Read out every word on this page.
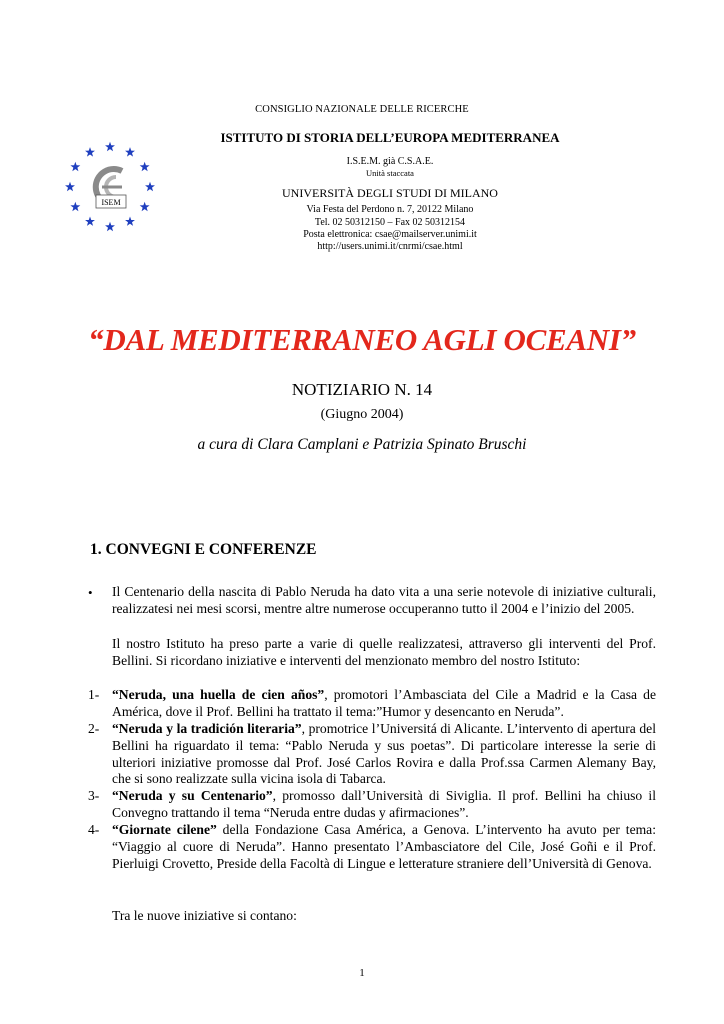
CONSIGLIO NAZIONALE DELLE RICERCHE
ISEM
ISTITUTO DI STORIA DELL’EUROPA MEDITERRANEA
I.S.E.M. già C.S.A.E.
Unità staccata
UNIVERSITÀ DEGLI STUDI DI MILANO
Via Festa del Perdono n. 7, 20122 Milano
Tel. 02 50312150 – Fax 02 50312154
Posta elettronica: csae@mailserver.unimi.it
http://users.unimi.it/cnrmi/csae.html
“DAL MEDITERRANEO AGLI OCEANI”
NOTIZIARIO N. 14
(Giugno 2004)
a cura di Clara Camplani e Patrizia Spinato Bruschi
1. CONVEGNI E CONFERENZE
• Il Centenario della nascita di Pablo Neruda ha dato vita a una serie notevole di iniziative culturali, realizzatesi nei mesi scorsi, mentre altre numerose occuperanno tutto il 2004 e l’inizio del 2005.
Il nostro Istituto ha preso parte a varie di quelle realizzatesi, attraverso gli interventi del Prof. Bellini. Si ricordano iniziative e interventi del menzionato membro del nostro Istituto:
1- “Neruda, una huella de cien años”, promotori l’Ambasciata del Cile a Madrid e la Casa de América, dove il Prof. Bellini ha trattato il tema:”Humor y desencanto en Neruda”.
2- “Neruda y la tradición literaria”, promotrice l’Universitá di Alicante. L’intervento di apertura del Bellini ha riguardato il tema: “Pablo Neruda y sus poetas”. Di particolare interesse la serie di ulteriori iniziative promosse dal Prof. José Carlos Rovira e dalla Prof.ssa Carmen Alemany Bay, che si sono realizzate sulla vicina isola di Tabarca.
3- “Neruda y su Centenario”, promosso dall’Università di Siviglia. Il prof. Bellini ha chiuso il Convegno trattando il tema “Neruda entre dudas y afirmaciones”.
4- “Giornate cilene” della Fondazione Casa América, a Genova. L’intervento ha avuto per tema: “Viaggio al cuore di Neruda”. Hanno presentato l’Ambasciatore del Cile, José Goñi e il Prof. Pierluigi Crovetto, Preside della Facoltà di Lingue e letterature straniere dell’Università di Genova.
Tra le nuove iniziative si contano:
1
